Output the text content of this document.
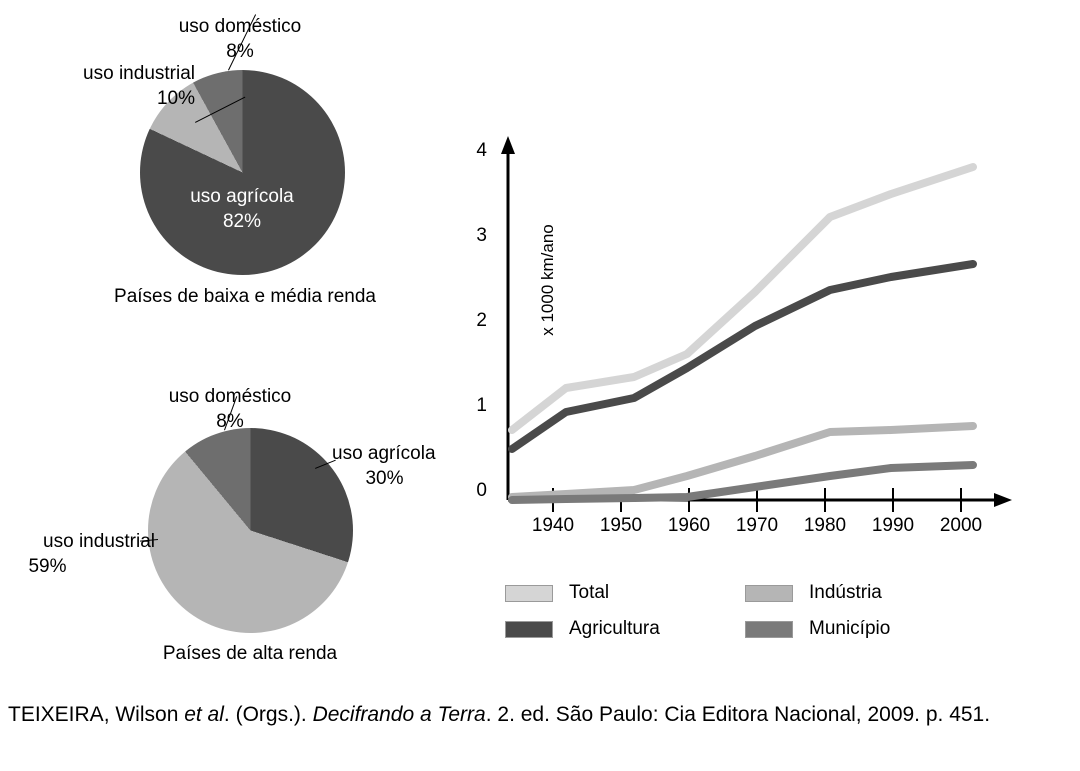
uso doméstico
8%
uso industrial
10%
uso agrícola
82%
Países de baixa e média renda
uso doméstico
8%
uso agrícola
30%
uso industrial
59%
Países de alta renda
x 1000 km/ano
4
3
2
1
0
1940	1950	1960	1970	1980	1990	2000
Total	Indústria
Agricultura	Município
TEIXEIRA, Wilson et al. (Orgs.). Decifrando a Terra. 2. ed. São Paulo: Cia Editora Nacional, 2009. p. 451.
